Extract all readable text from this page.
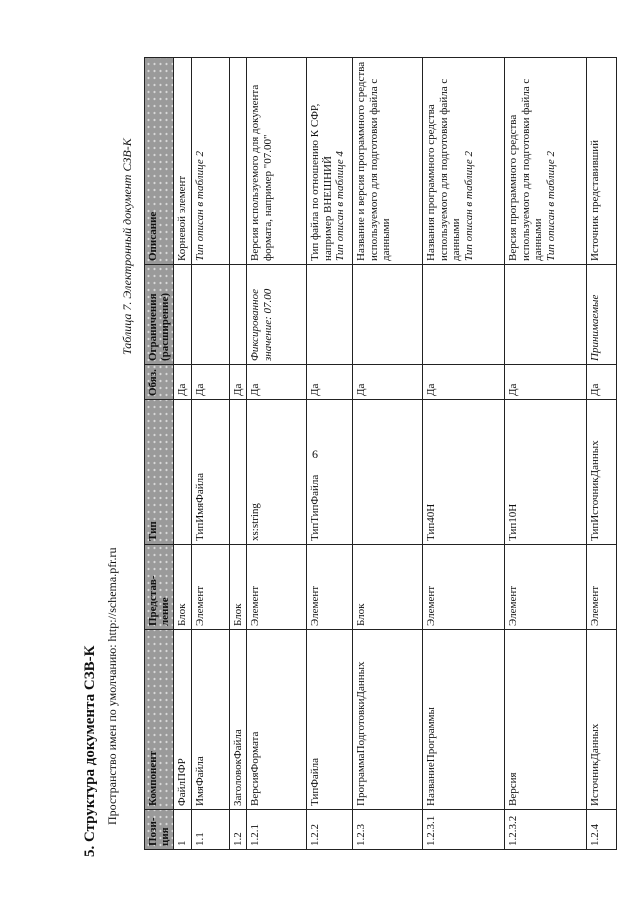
6
5. Структура документа СЗВ-К Пространство имен по умолчанию: http://schema.pfr.ru
Таблица 7. Электронный документ СЗВ-К
Пози-ция	Компонент	Представ-ление	Тип	Обяз.	Ограничения (расширение)	Описание
1	ФайлПФР	Блок		Да		Корневой элемент

1.1	ИмяФайла	Элемент	ТипИмяФайла	Да		Тип описан в таблице 2

1.2	ЗаголовокФайла	Блок		Да		

1.2.1	ВерсияФормата	Элемент	xs:string	Да	Фиксированное значение: 07.00	Версия используемого для документа формата, например "07.00"

1.2.2	ТипФайла	Элемент	ТипТипФайла	Да		Тип файла по отношению К СФР, например ВНЕШНИЙ Тип описан в таблице 4

1.2.3	ПрограммаПодготовкиДанных	Блок		Да		Название и версия программного средства используемого для подготовки файла с данными

1.2.3.1	НазваниеПрограммы	Элемент	Тип40Н	Да		Названия программного средства используемого для подготовки файла с данными Тип описан в таблице 2

1.2.3.2	Версия	Элемент	Тип10Н	Да		Версия программного средства используемого для подготовки файла с данными Тип описан в таблице 2

1.2.4	ИсточникДанных	Элемент	ТипИсточникДанных	Да	Принимаемые	Источник представивший
